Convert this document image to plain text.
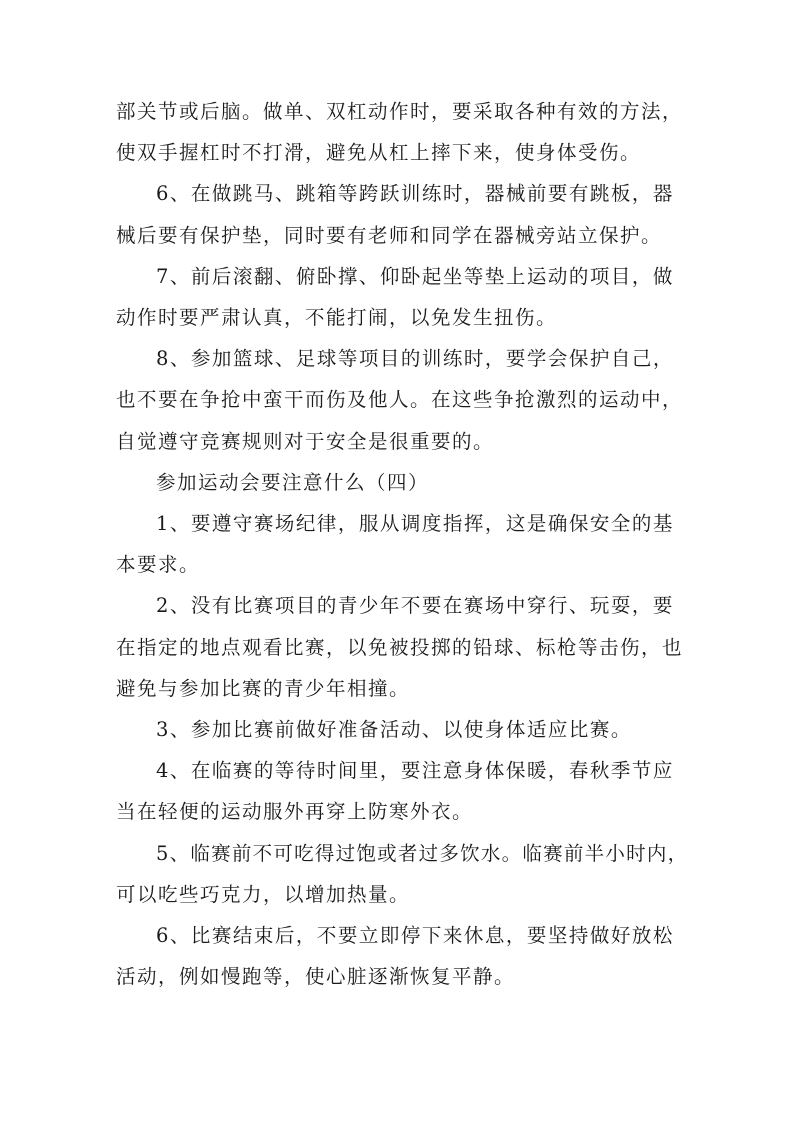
部关节或后脑。做单、双杠动作时，要采取各种有效的方法，
使双手握杠时不打滑，避免从杠上摔下来，使身体受伤。
6、在做跳马、跳箱等跨跃训练时，器械前要有跳板，器
械后要有保护垫，同时要有老师和同学在器械旁站立保护。
7、前后滚翻、俯卧撑、仰卧起坐等垫上运动的项目，做
动作时要严肃认真，不能打闹，以免发生扭伤。
8、参加篮球、足球等项目的训练时，要学会保护自己，
也不要在争抢中蛮干而伤及他人。在这些争抢激烈的运动中，
自觉遵守竞赛规则对于安全是很重要的。
参加运动会要注意什么（四）
1、要遵守赛场纪律，服从调度指挥，这是确保安全的基
本要求。
2、没有比赛项目的青少年不要在赛场中穿行、玩耍，要
在指定的地点观看比赛，以免被投掷的铅球、标枪等击伤，也
避免与参加比赛的青少年相撞。
3、参加比赛前做好准备活动、以使身体适应比赛。
4、在临赛的等待时间里，要注意身体保暖，春秋季节应
当在轻便的运动服外再穿上防寒外衣。
5、临赛前不可吃得过饱或者过多饮水。临赛前半小时内，
可以吃些巧克力，以增加热量。
6、比赛结束后，不要立即停下来休息，要坚持做好放松
活动，例如慢跑等，使心脏逐渐恢复平静。
